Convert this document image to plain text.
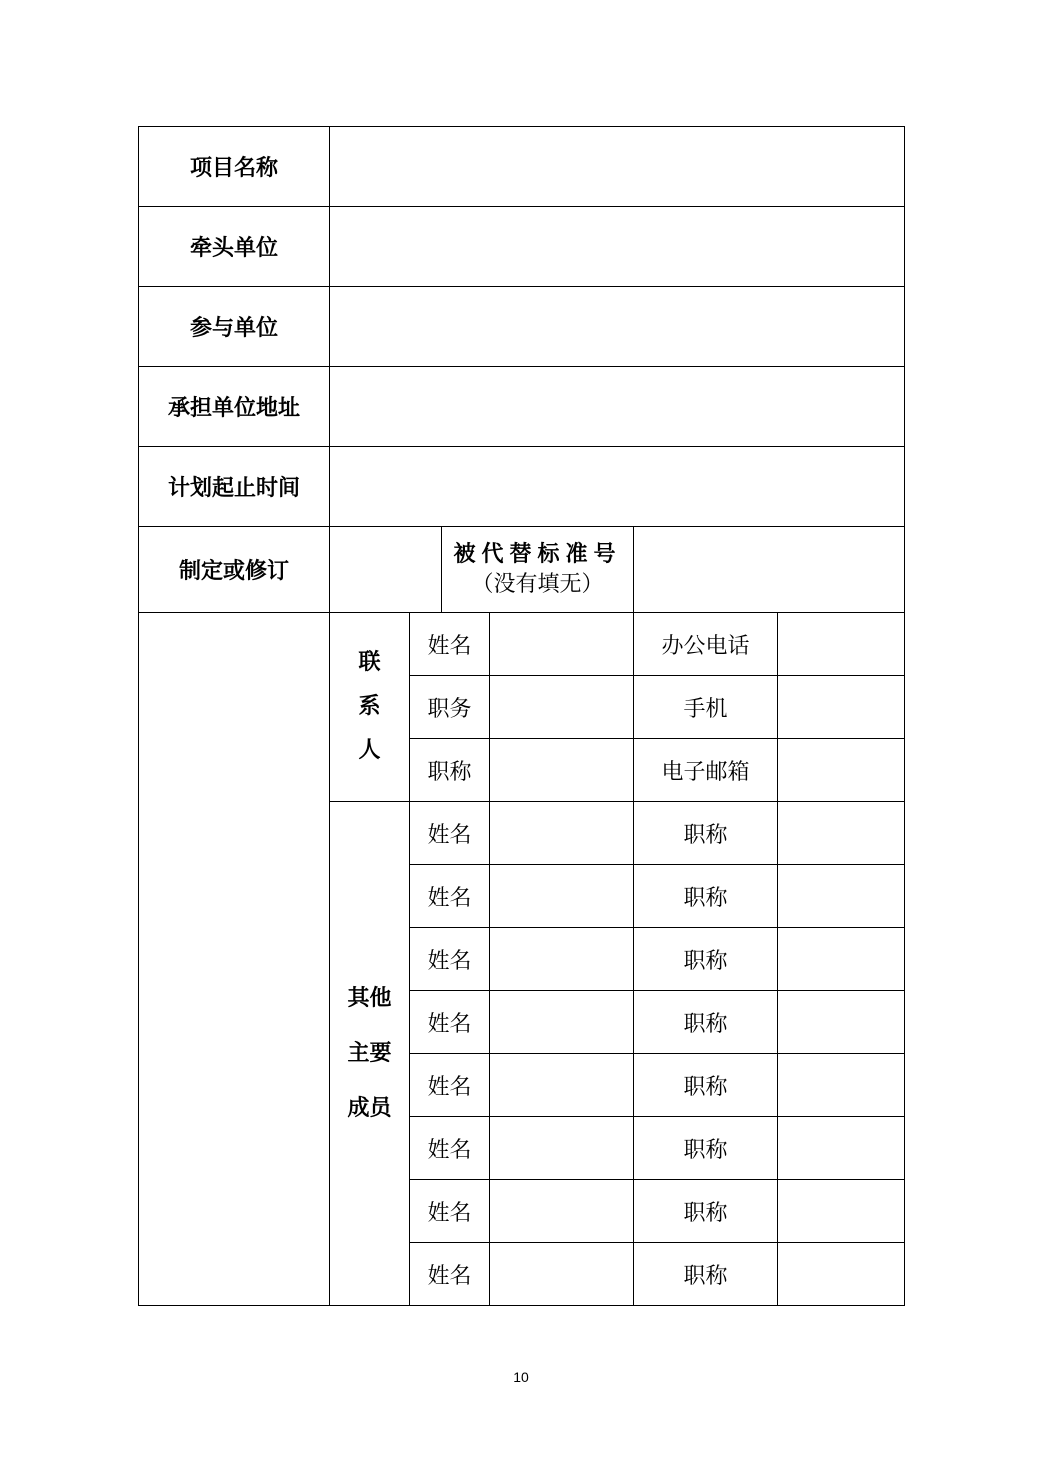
项目名称						
牵头单位						
参与单位						
承担单位地址						
计划起止时间						
制定或修订			被代替标准号
（没有填无）			

	联系人	姓名			办公电话	
		职务			手机	
		职称			电子邮箱	
	其他主要成员	姓名			职称	
		姓名			职称	
		姓名			职称	
		姓名			职称	
		姓名			职称	
		姓名			职称	
		姓名			职称	
		姓名			职称	
10
